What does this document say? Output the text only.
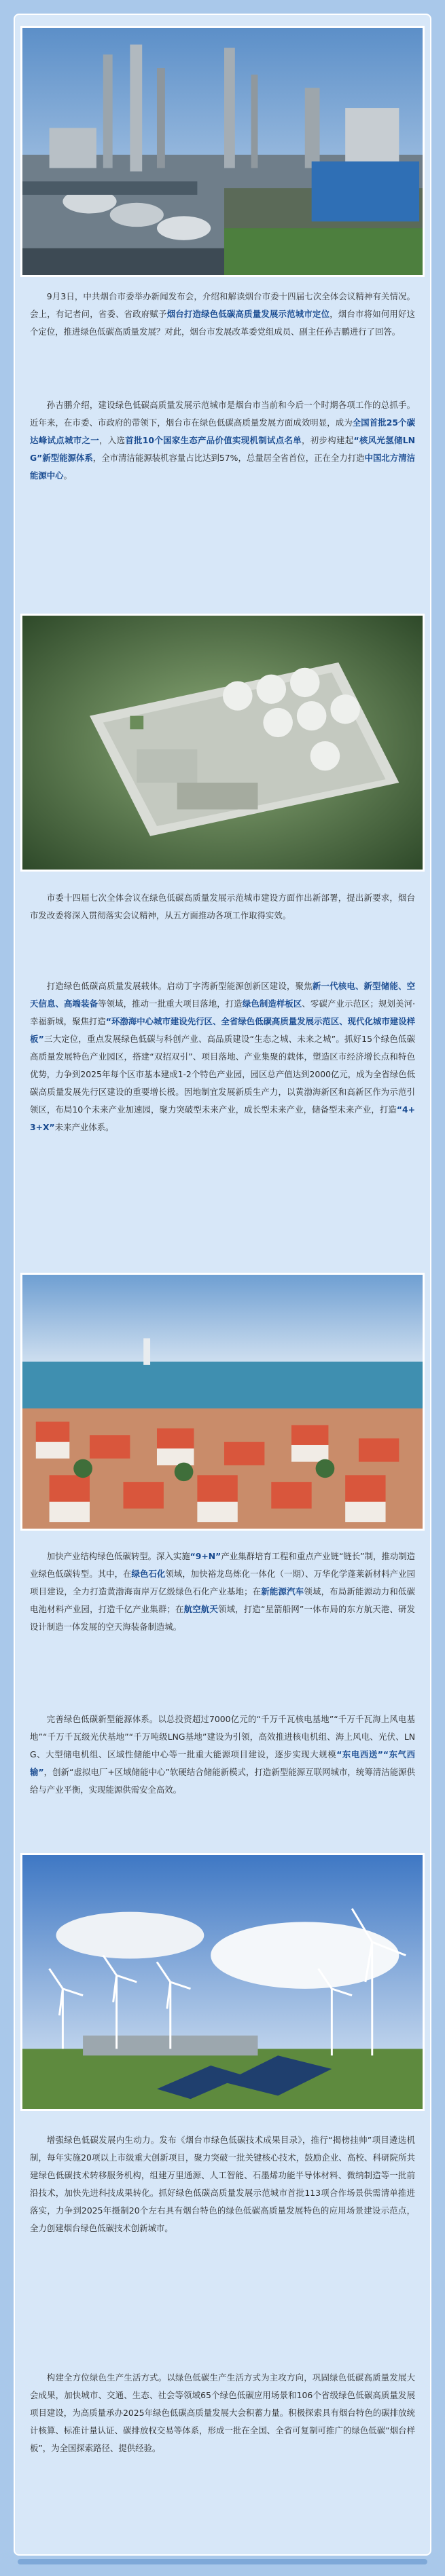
9月3日，中共烟台市委举办新闻发布会，介绍和解读烟台市委十四届七次全体会议精神有关情况。会上，有记者问，省委、省政府赋予烟台打造绿色低碳高质量发展示范城市定位，烟台市将如何用好这个定位，推进绿色低碳高质量发展？对此，烟台市发展改革委党组成员、副主任孙吉鹏进行了回答。

孙吉鹏介绍，建设绿色低碳高质量发展示范城市是烟台市当前和今后一个时期各项工作的总抓手。近年来，在市委、市政府的带领下，烟台市在绿色低碳高质量发展方面成效明显，成为全国首批25个碳达峰试点城市之一，入选首批10个国家生态产品价值实现机制试点名单，初步构建起“核风光氢储LNG”新型能源体系，全市清洁能源装机容量占比达到57%，总量居全省首位，正在全力打造中国北方清洁能源中心。

市委十四届七次全体会议在绿色低碳高质量发展示范城市建设方面作出新部署，提出新要求，烟台市发改委将深入贯彻落实会议精神，从五方面推动各项工作取得实效。

打造绿色低碳高质量发展载体。启动丁字湾新型能源创新区建设，聚焦新一代核电、新型储能、空天信息、高端装备等领域，推动一批重大项目落地，打造绿色制造样板区、零碳产业示范区；规划美河·幸福新城，聚焦打造“环渤海中心城市建设先行区、全省绿色低碳高质量发展示范区、现代化城市建设样板”三大定位，重点发展绿色低碳与科创产业、高品质建设“生态之城、未来之城”。抓好15个绿色低碳高质量发展特色产业园区，搭建“双招双引”、项目落地、产业集聚的载体，塑造区市经济增长点和特色优势，力争到2025年每个区市基本建成1-2个特色产业园，园区总产值达到2000亿元，成为全省绿色低碳高质量发展先行区建设的重要增长极。因地制宜发展新质生产力，以黄渤海新区和高新区作为示范引领区，布局10个未来产业加速园，聚力突破型未来产业，成长型未来产业，储备型未来产业，打造“4+3+X”未来产业体系。

加快产业结构绿色低碳转型。深入实施“9+N”产业集群培育工程和重点产业链“链长”制，推动制造业绿色低碳转型。其中，在绿色石化领域，加快裕龙岛炼化一体化（一期）、万华化学蓬莱新材料产业园项目建设，全力打造黄渤海南岸万亿级绿色石化产业基地；在新能源汽车领域，布局新能源动力和低碳电池材料产业园，打造千亿产业集群；在航空航天领域，打造“星箭船网”一体布局的东方航天港、研发设计制造一体发展的空天海装备制造城。

完善绿色低碳新型能源体系。以总投资超过7000亿元的“千万千瓦核电基地”“千万千瓦海上风电基地”“千万千瓦级光伏基地”“千万吨级LNG基地”建设为引领，高效推进核电机组、海上风电、光伏、LNG、大型储电机组、区域性储能中心等一批重大能源项目建设，逐步实现大规模“东电西送”“东气西输”，创新“虚拟电厂+区域储能中心”软硬结合储能新模式，打造新型能源互联网城市，统筹清洁能源供给与产业平衡，实现能源供需安全高效。

增强绿色低碳发展内生动力。发布《烟台市绿色低碳技术成果目录》，推行“揭榜挂帅”项目遴选机制，每年实施20项以上市级重大创新项目，聚力突破一批关键核心技术，鼓励企业、高校、科研院所共建绿色低碳技术转移服务机构，组建万里通源、人工智能、石墨烯功能半导体材料、微纳制造等一批前沿技术，加快先进科技成果转化。抓好绿色低碳高质量发展示范城市首批113项合作场景供需清单推进落实，力争到2025年摄制20个左右具有烟台特色的绿色低碳高质量发展特色的应用场景建设示范点，全力创建烟台绿色低碳技术创新城市。

构建全方位绿色生产生活方式。以绿色低碳生产生活方式为主攻方向，巩固绿色低碳高质量发展大会成果，加快城市、交通、生态、社会等领域65个绿色低碳应用场景和106个省级绿色低碳高质量发展项目建设，为高质量承办2025年绿色低碳高质量发展大会积蓄力量。积极探索具有烟台特色的碳排放统计核算、标准计量认证、碳排放权交易等体系，形成一批在全国、全省可复制可推广的绿色低碳“烟台样板”，为全国探索路径、提供经验。
